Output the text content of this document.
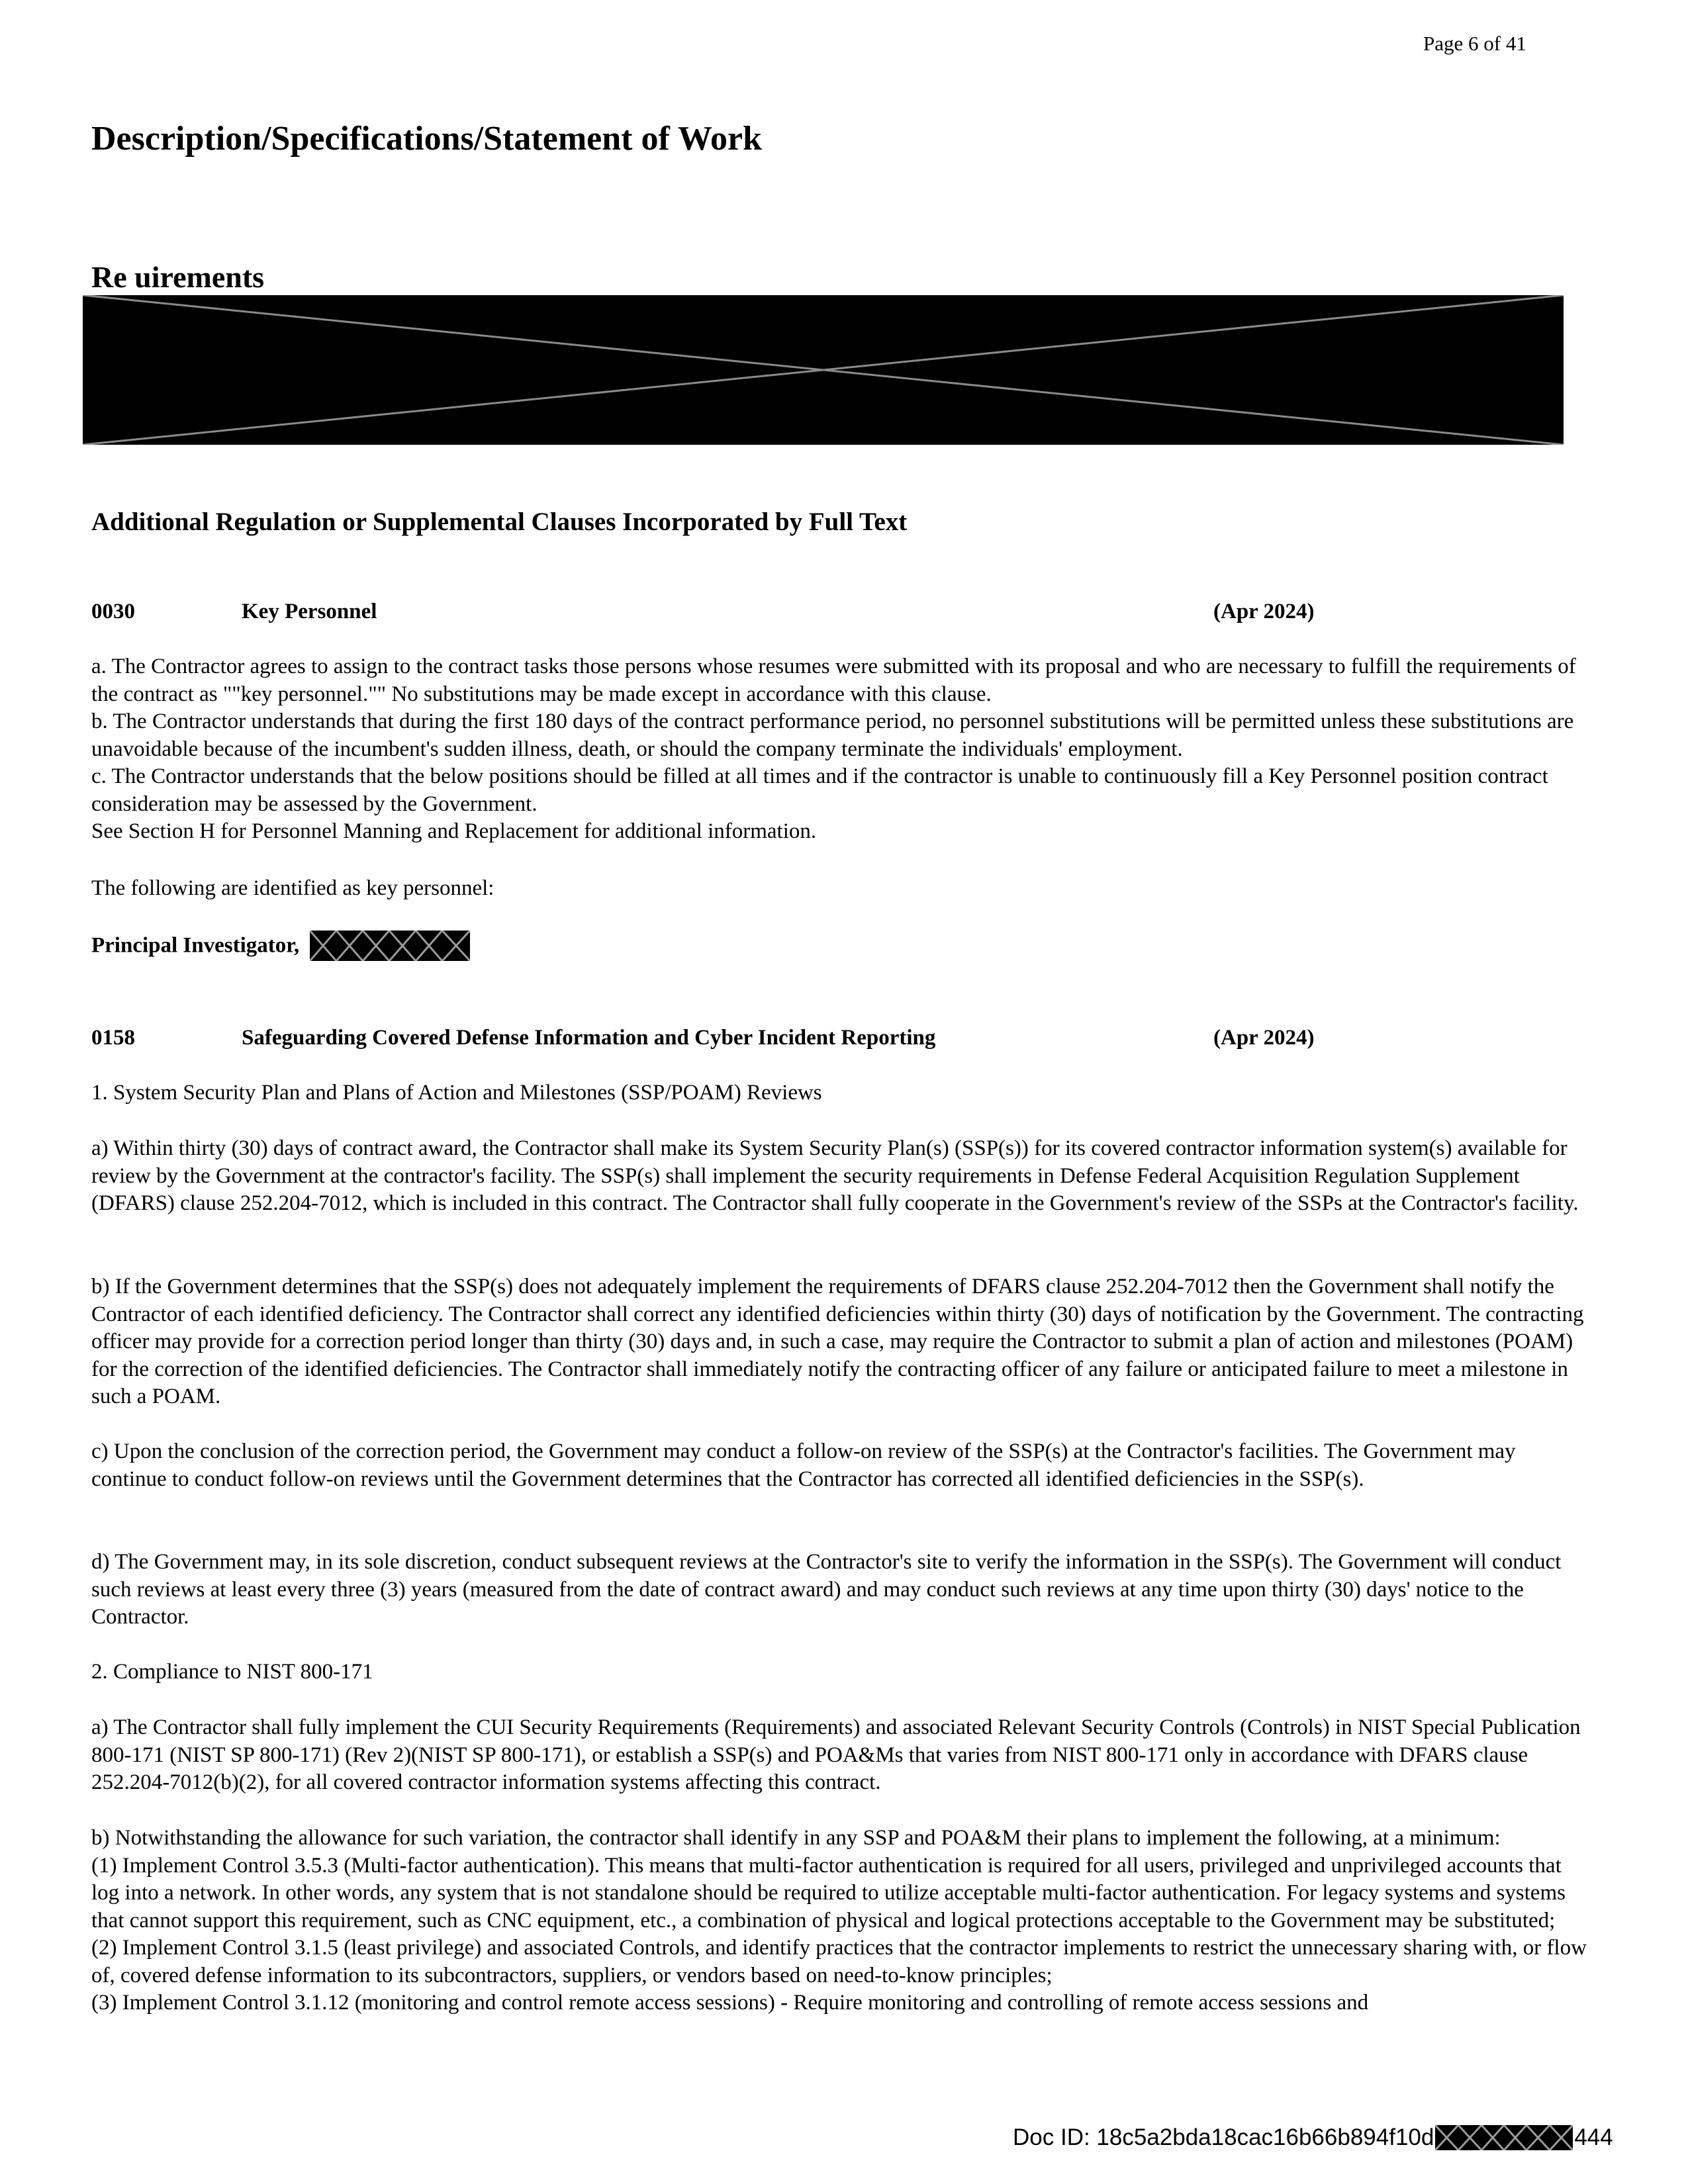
Page 6 of 41
Description/Specifications/Statement of Work
Re uirements
Additional Regulation or Supplemental Clauses Incorporated by Full Text
0030	Key Personnel	(Apr 2024)

a. The Contractor agrees to assign to the contract tasks those persons whose resumes were submitted with its proposal and who are necessary to fulfill the requirements of the contract as ""key personnel."" No substitutions may be made except in accordance with this clause.

b. The Contractor understands that during the first 180 days of the contract performance period, no personnel substitutions will be permitted unless these substitutions are unavoidable because of the incumbent's sudden illness, death, or should the company terminate the individuals' employment.

c. The Contractor understands that the below positions should be filled at all times and if the contractor is unable to continuously fill a Key Personnel position contract consideration may be assessed by the Government.

See Section H for Personnel Manning and Replacement for additional information.

The following are identified as key personnel:
Principal Investigator,
0158	Safeguarding Covered Defense Information and Cyber Incident Reporting	(Apr 2024)
1. System Security Plan and Plans of Action and Milestones (SSP/POAM) Reviews
a) Within thirty (30) days of contract award, the Contractor shall make its System Security Plan(s) (SSP(s)) for its covered contractor information system(s) available for review by the Government at the contractor's facility. The SSP(s) shall implement the security requirements in Defense Federal Acquisition Regulation Supplement (DFARS) clause 252.204-7012, which is included in this contract. The Contractor shall fully cooperate in the Government's review of the SSPs at the Contractor's facility.
b) If the Government determines that the SSP(s) does not adequately implement the requirements of DFARS clause 252.204-7012 then the Government shall notify the Contractor of each identified deficiency. The Contractor shall correct any identified deficiencies within thirty (30) days of notification by the Government. The contracting officer may provide for a correction period longer than thirty (30) days and, in such a case, may require the Contractor to submit a plan of action and milestones (POAM) for the correction of the identified deficiencies. The Contractor shall immediately notify the contracting officer of any failure or anticipated failure to meet a milestone in such a POAM.
c) Upon the conclusion of the correction period, the Government may conduct a follow-on review of the SSP(s) at the Contractor's facilities. The Government may continue to conduct follow-on reviews until the Government determines that the Contractor has corrected all identified deficiencies in the SSP(s).
d) The Government may, in its sole discretion, conduct subsequent reviews at the Contractor's site to verify the information in the SSP(s). The Government will conduct such reviews at least every three (3) years (measured from the date of contract award) and may conduct such reviews at any time upon thirty (30) days' notice to the Contractor.
2. Compliance to NIST 800-171
a) The Contractor shall fully implement the CUI Security Requirements (Requirements) and associated Relevant Security Controls (Controls) in NIST Special Publication 800-171 (NIST SP 800-171) (Rev 2)(NIST SP 800-171), or establish a SSP(s) and POA&Ms that varies from NIST 800-171 only in accordance with DFARS clause 252.204-7012(b)(2), for all covered contractor information systems affecting this contract.

b) Notwithstanding the allowance for such variation, the contractor shall identify in any SSP and POA&M their plans to implement the following, at a minimum:

(1) Implement Control 3.5.3 (Multi-factor authentication). This means that multi-factor authentication is required for all users, privileged and unprivileged accounts that log into a network. In other words, any system that is not standalone should be required to utilize acceptable multi-factor authentication. For legacy systems and systems that cannot support this requirement, such as CNC equipment, etc., a combination of physical and logical protections acceptable to the Government may be substituted;

(2) Implement Control 3.1.5 (least privilege) and associated Controls, and identify practices that the contractor implements to restrict the unnecessary sharing with, or flow of, covered defense information to its subcontractors, suppliers, or vendors based on need-to-know principles;

(3) Implement Control 3.1.12 (monitoring and control remote access sessions) - Require monitoring and controlling of remote access sessions and

Doc ID: 18c5a2bda18cac16b66b894f10d	444
